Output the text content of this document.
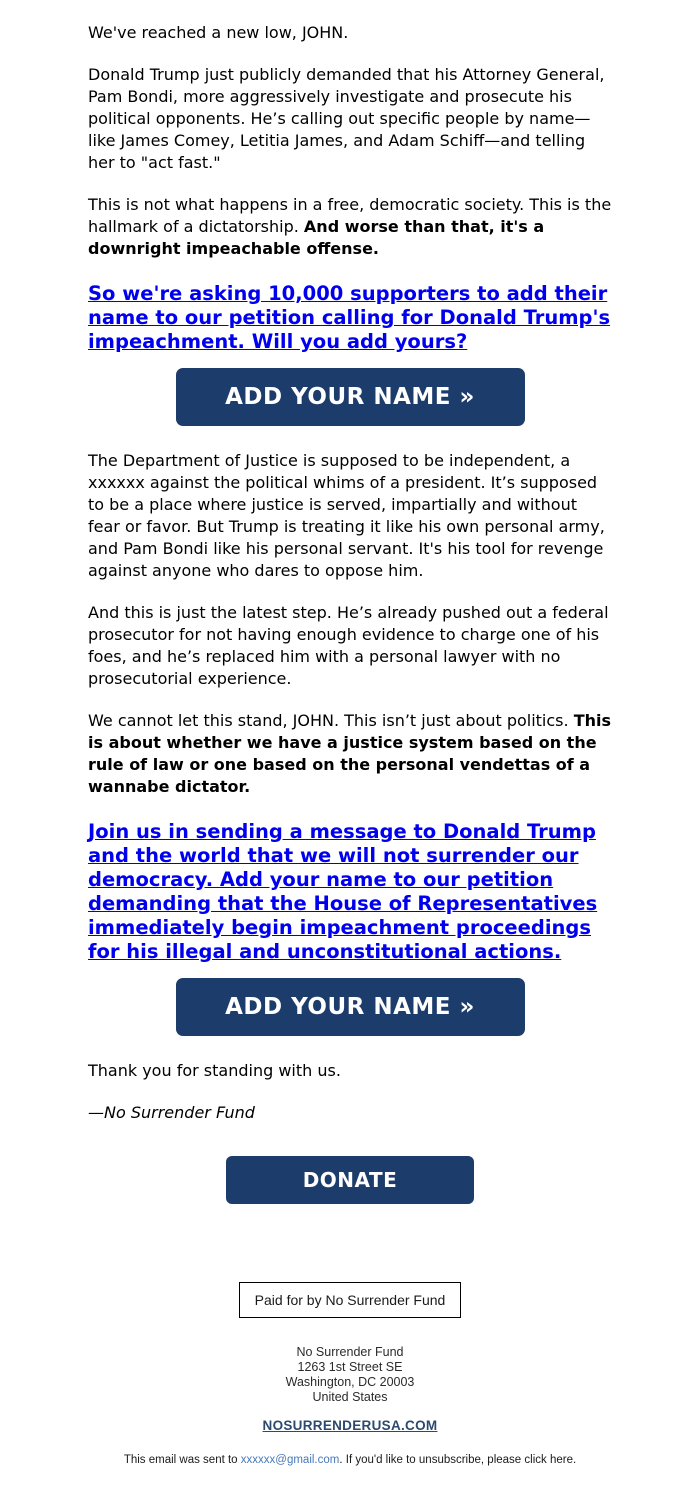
We've reached a new low, JOHN.

Donald Trump just publicly demanded that his Attorney General, Pam Bondi, more aggressively investigate and prosecute his political opponents. He’s calling out specific people by name—like James Comey, Letitia James, and Adam Schiff—and telling her to "act fast."

This is not what happens in a free, democratic society. This is the hallmark of a dictatorship. And worse than that, it's a downright impeachable offense.

So we're asking 10,000 supporters to add their name to our petition calling for Donald Trump's impeachment. Will you add yours?
ADD YOUR NAME »

The Department of Justice is supposed to be independent, a xxxxxx against the political whims of a president. It’s supposed to be a place where justice is served, impartially and without fear or favor. But Trump is treating it like his own personal army, and Pam Bondi like his personal servant. It's his tool for revenge against anyone who dares to oppose him.

And this is just the latest step. He’s already pushed out a federal prosecutor for not having enough evidence to charge one of his foes, and he’s replaced him with a personal lawyer with no prosecutorial experience.

We cannot let this stand, JOHN. This isn’t just about politics. This is about whether we have a justice system based on the rule of law or one based on the personal vendettas of a wannabe dictator.

Join us in sending a message to Donald Trump and the world that we will not surrender our democracy. Add your name to our petition demanding that the House of Representatives immediately begin impeachment proceedings for his illegal and unconstitutional actions.
ADD YOUR NAME »

Thank you for standing with us.

—No Surrender Fund

DONATE
Paid for by No Surrender Fund
No Surrender Fund
1263 1st Street SE
Washington, DC 20003
United States
NOSURRENDERUSA.COM

This email was sent to xxxxxx@gmail.com. If you'd like to unsubscribe, please click here.
